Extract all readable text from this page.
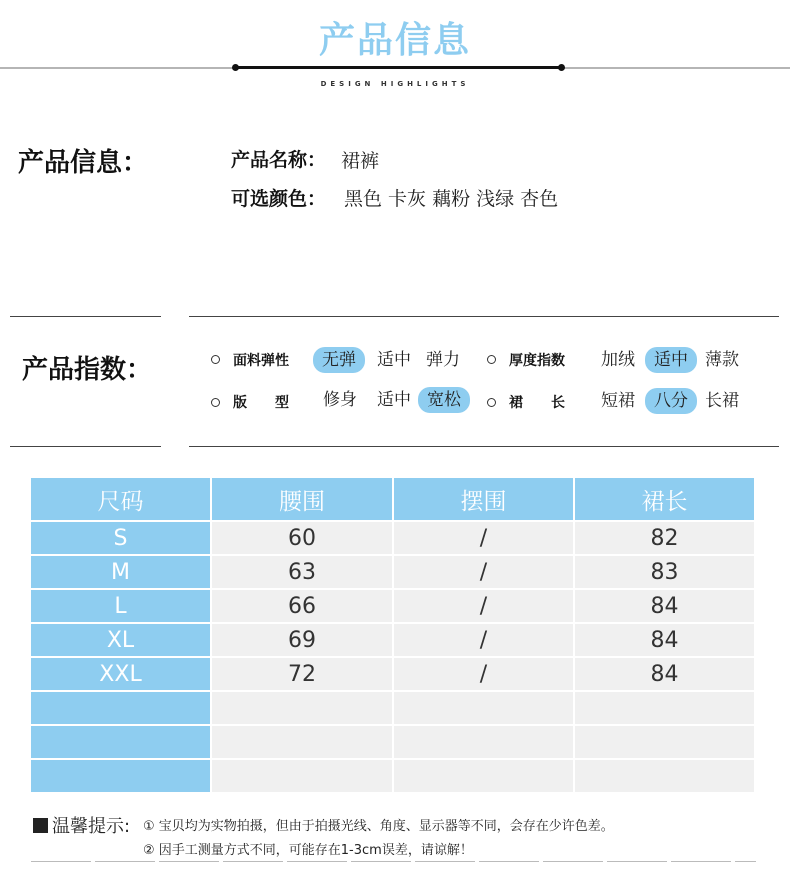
产品信息
DESIGN HIGHLIGHTS
产品信息：	产品名称： 裙裤
可选颜色： 黑色 卡灰 藕粉 浅绿 杏色
产品指数：	面料弹性	无弹	适中 弹力	厚度指数 加绒	适中	薄款
版　　型 修身 适中 宽松	裙　　长 短裙	八分	长裙
尺码	腰围	摆围	裙长
S	60	/	82
M	63	/	83
L	66	/	84
XL	69	/	84
XXL	72	/	84

温馨提示: ① 宝贝均为实物拍摄，但由于拍摄光线、角度、显示器等不同，会存在少许色差。
② 因手工测量方式不同，可能存在1-3cm误差，请谅解！
